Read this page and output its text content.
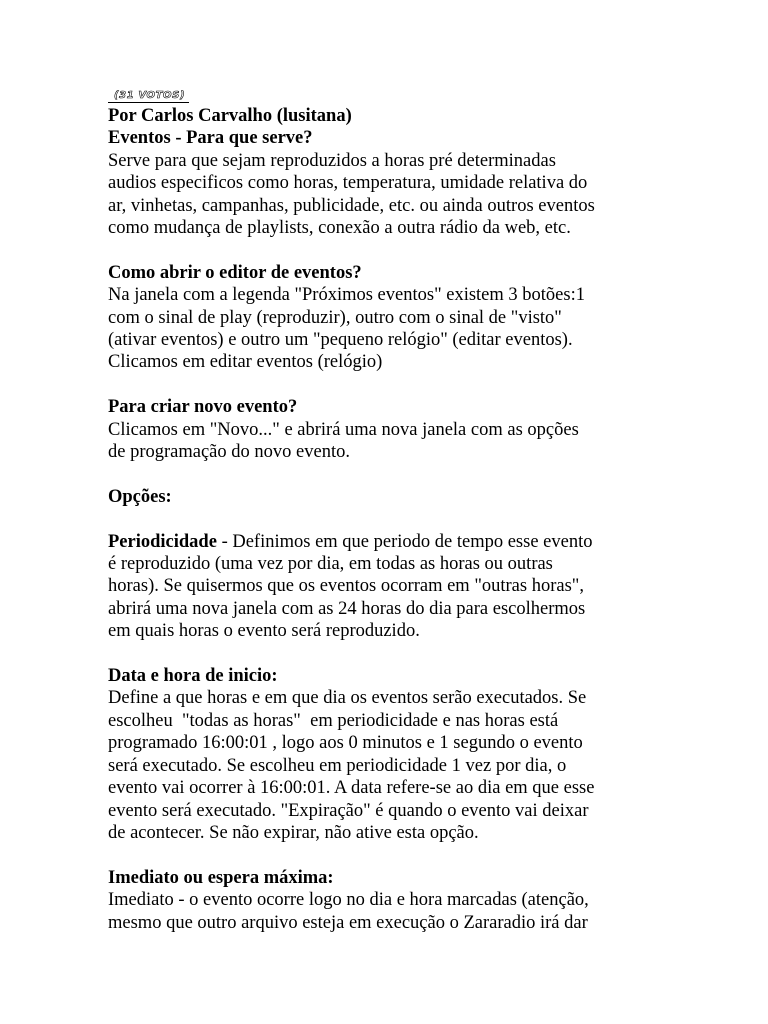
(31 VOTOS)
Por Carlos Carvalho (lusitana)
Eventos - Para que serve?
Serve para que sejam reproduzidos a horas pré determinadas
audios especificos como horas, temperatura, umidade relativa do
ar, vinhetas, campanhas, publicidade, etc. ou ainda outros eventos
como mudança de playlists, conexão a outra rádio da web, etc.
Como abrir o editor de eventos?
Na janela com a legenda "Próximos eventos" existem 3 botões:1
com o sinal de play (reproduzir), outro com o sinal de "visto"
(ativar eventos) e outro um "pequeno relógio" (editar eventos).
Clicamos em editar eventos (relógio)
Para criar novo evento?
Clicamos em "Novo..." e abrirá uma nova janela com as opções
de programação do novo evento.
Opções:
Periodicidade - Definimos em que periodo de tempo esse evento
é reproduzido (uma vez por dia, em todas as horas ou outras
horas). Se quisermos que os eventos ocorram em "outras horas",
abrirá uma nova janela com as 24 horas do dia para escolhermos
em quais horas o evento será reproduzido.
Data e hora de inicio:
Define a que horas e em que dia os eventos serão executados. Se
escolheu  "todas as horas"  em periodicidade e nas horas está
programado 16:00:01 , logo aos 0 minutos e 1 segundo o evento
será executado. Se escolheu em periodicidade 1 vez por dia, o
evento vai ocorrer à 16:00:01. A data refere-se ao dia em que esse
evento será executado. "Expiração" é quando o evento vai deixar
de acontecer. Se não expirar, não ative esta opção.
Imediato ou espera máxima:
Imediato - o evento ocorre logo no dia e hora marcadas (atenção,
mesmo que outro arquivo esteja em execução o Zararadio irá dar
